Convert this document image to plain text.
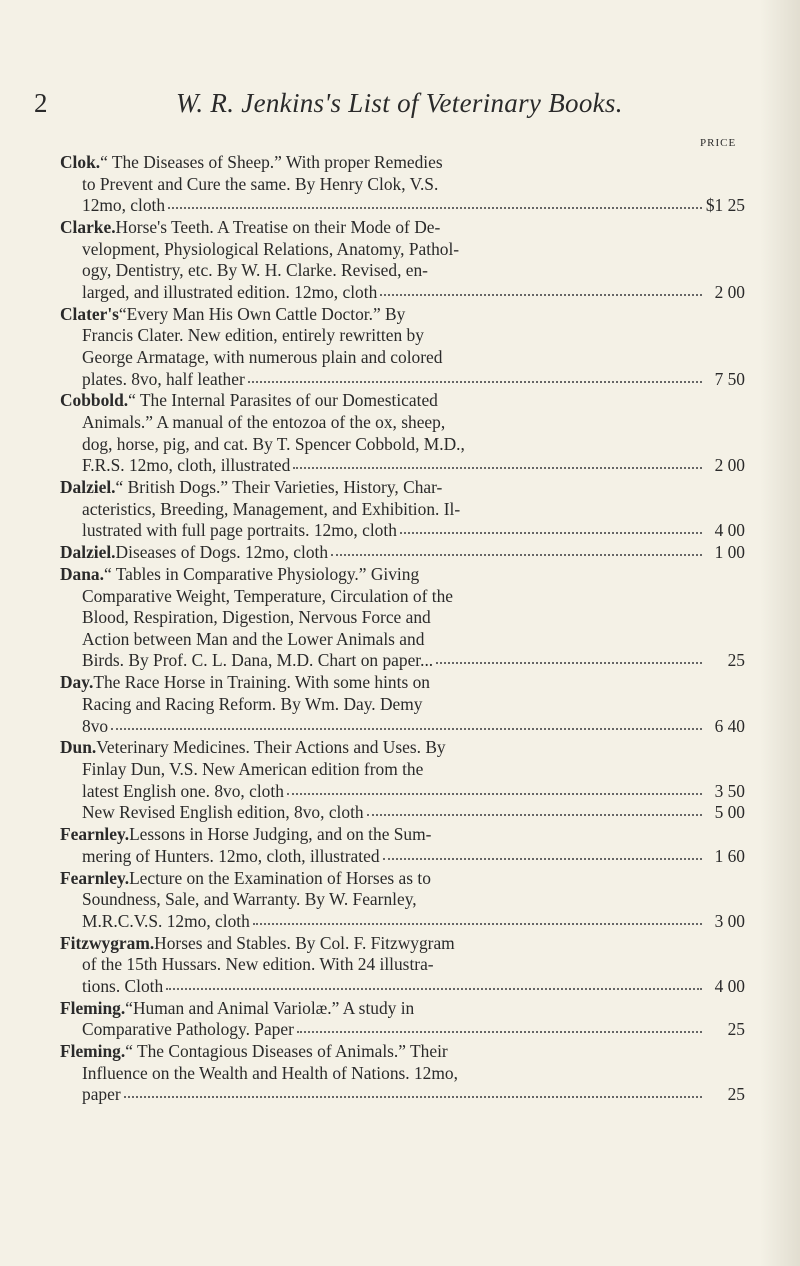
2	W. R. Jenkins's List of Veterinary Books.
PRICE
Clok. “ The Diseases of Sheep.” With proper Remedies
to Prevent and Cure the same. By Henry Clok, V.S.
12mo, cloth	$1 25
Clarke. Horse's Teeth. A Treatise on their Mode of De-
velopment, Physiological Relations, Anatomy, Pathol-
ogy, Dentistry, etc. By W. H. Clarke. Revised, en-
larged, and illustrated edition. 12mo, cloth	2 00
Clater's “Every Man His Own Cattle Doctor.” By
Francis Clater. New edition, entirely rewritten by
George Armatage, with numerous plain and colored
plates. 8vo, half leather	7 50
Cobbold. “ The Internal Parasites of our Domesticated
Animals.” A manual of the entozoa of the ox, sheep,
dog, horse, pig, and cat. By T. Spencer Cobbold, M.D.,
F.R.S. 12mo, cloth, illustrated	2 00
Dalziel. “ British Dogs.” Their Varieties, History, Char-
acteristics, Breeding, Management, and Exhibition. Il-
lustrated with full page portraits. 12mo, cloth	4 00
Dalziel. Diseases of Dogs. 12mo, cloth	1 00
Dana. “ Tables in Comparative Physiology.” Giving
Comparative Weight, Temperature, Circulation of the
Blood, Respiration, Digestion, Nervous Force and
Action between Man and the Lower Animals and
Birds. By Prof. C. L. Dana, M.D. Chart on paper...	25
Day. The Race Horse in Training. With some hints on
Racing and Racing Reform. By Wm. Day. Demy
8vo	6 40
Dun. Veterinary Medicines. Their Actions and Uses. By
Finlay Dun, V.S. New American edition from the
latest English one. 8vo, cloth	3 50
New Revised English edition, 8vo, cloth	5 00
Fearnley. Lessons in Horse Judging, and on the Sum-
mering of Hunters. 12mo, cloth, illustrated	1 60
Fearnley. Lecture on the Examination of Horses as to
Soundness, Sale, and Warranty. By W. Fearnley,
M.R.C.V.S. 12mo, cloth	3 00
Fitzwygram. Horses and Stables. By Col. F. Fitzwygram
of the 15th Hussars. New edition. With 24 illustra-
tions. Cloth	4 00
Fleming. “Human and Animal Variolæ.” A study in
Comparative Pathology. Paper	25
Fleming. “ The Contagious Diseases of Animals.” Their
Influence on the Wealth and Health of Nations. 12mo,
paper	25
